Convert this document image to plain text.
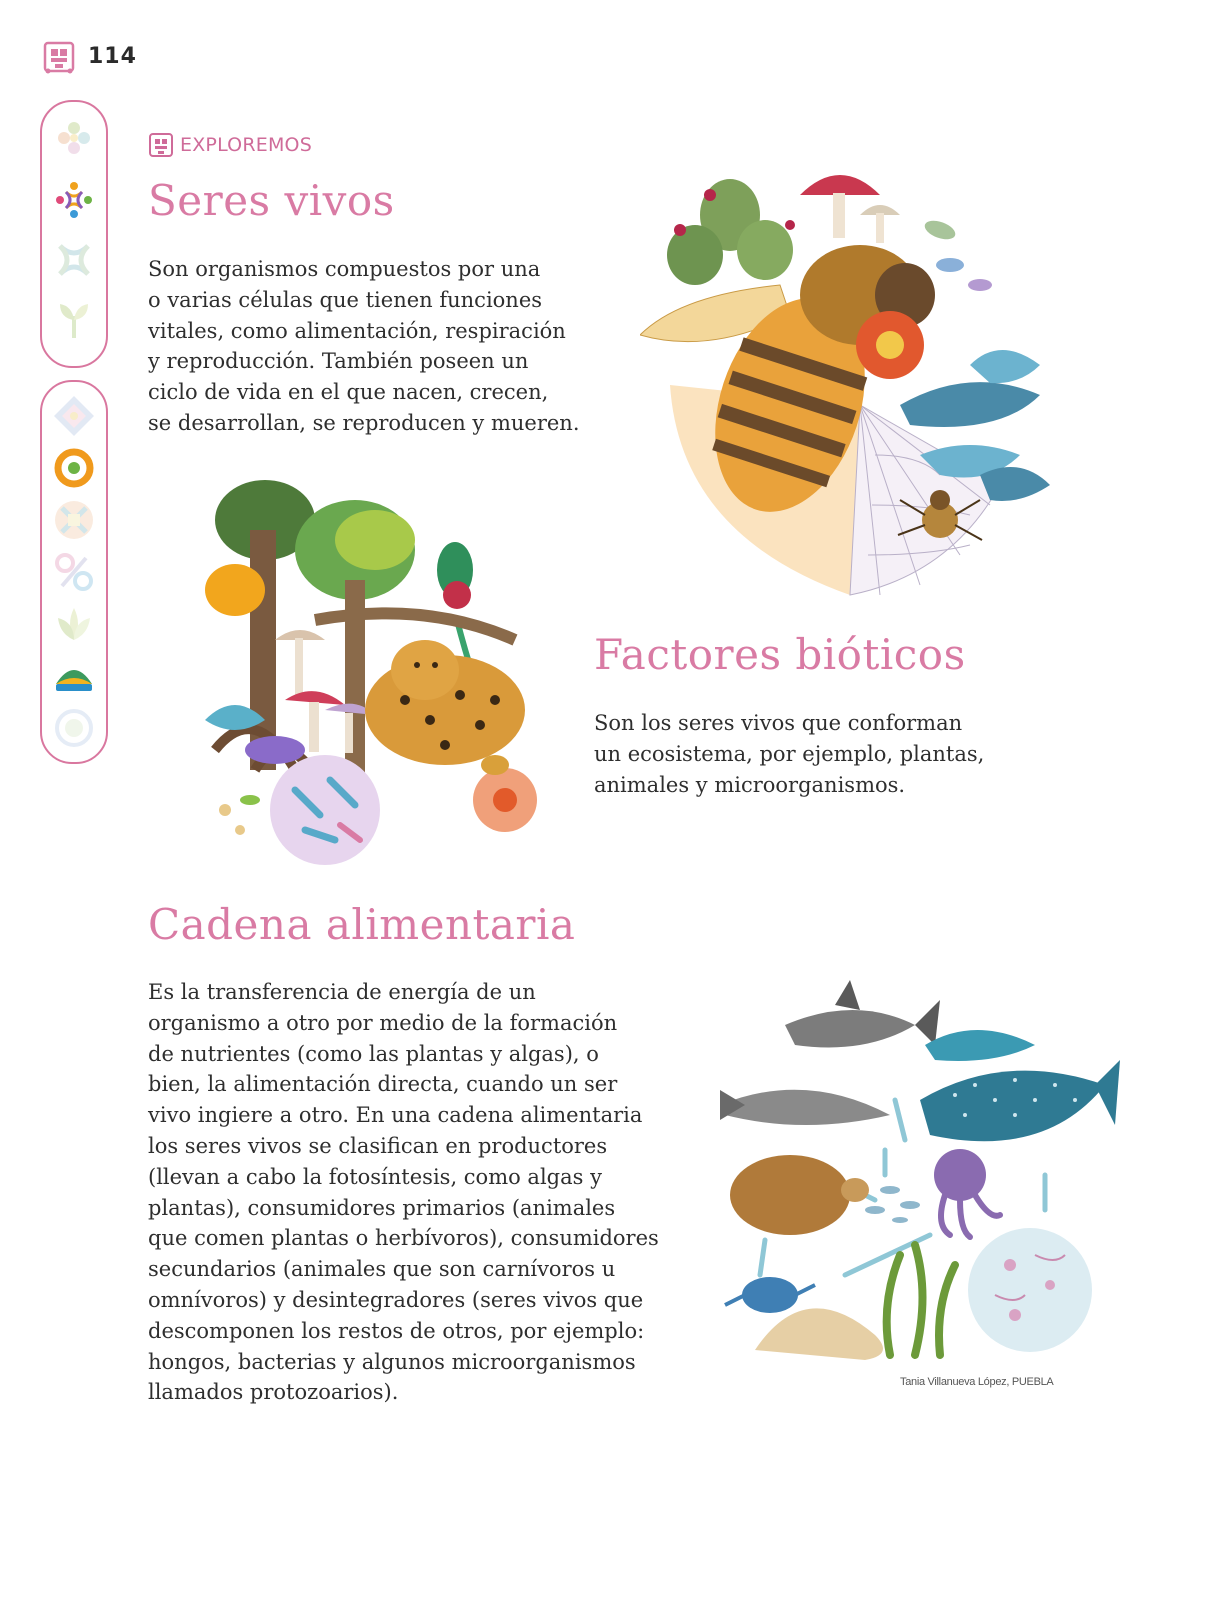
114
EXPLOREMOS
Seres vivos

Son organismos compuestos por una
o varias células que tienen funciones
vitales, como alimentación, respiración
y reproducción. También poseen un
ciclo de vida en el que nacen, crecen,
se desarrollan, se reproducen y mueren.

Factores bióticos

Son los seres vivos que conforman
un ecosistema, por ejemplo, plantas,
animales y microorganismos.

Cadena alimentaria

Es la transferencia de energía de un
organismo a otro por medio de la formación
de nutrientes (como las plantas y algas), o
bien, la alimentación directa, cuando un ser
vivo ingiere a otro. En una cadena alimentaria
los seres vivos se clasifican en productores
(llevan a cabo la fotosíntesis, como algas y
plantas), consumidores primarios (animales
que comen plantas o herbívoros), consumidores
secundarios (animales que son carnívoros u
omnívoros) y desintegradores (seres vivos que
descomponen los restos de otros, por ejemplo:
hongos, bacterias y algunos microorganismos
llamados protozoarios).	Tania Villanueva López, PUEBLA
